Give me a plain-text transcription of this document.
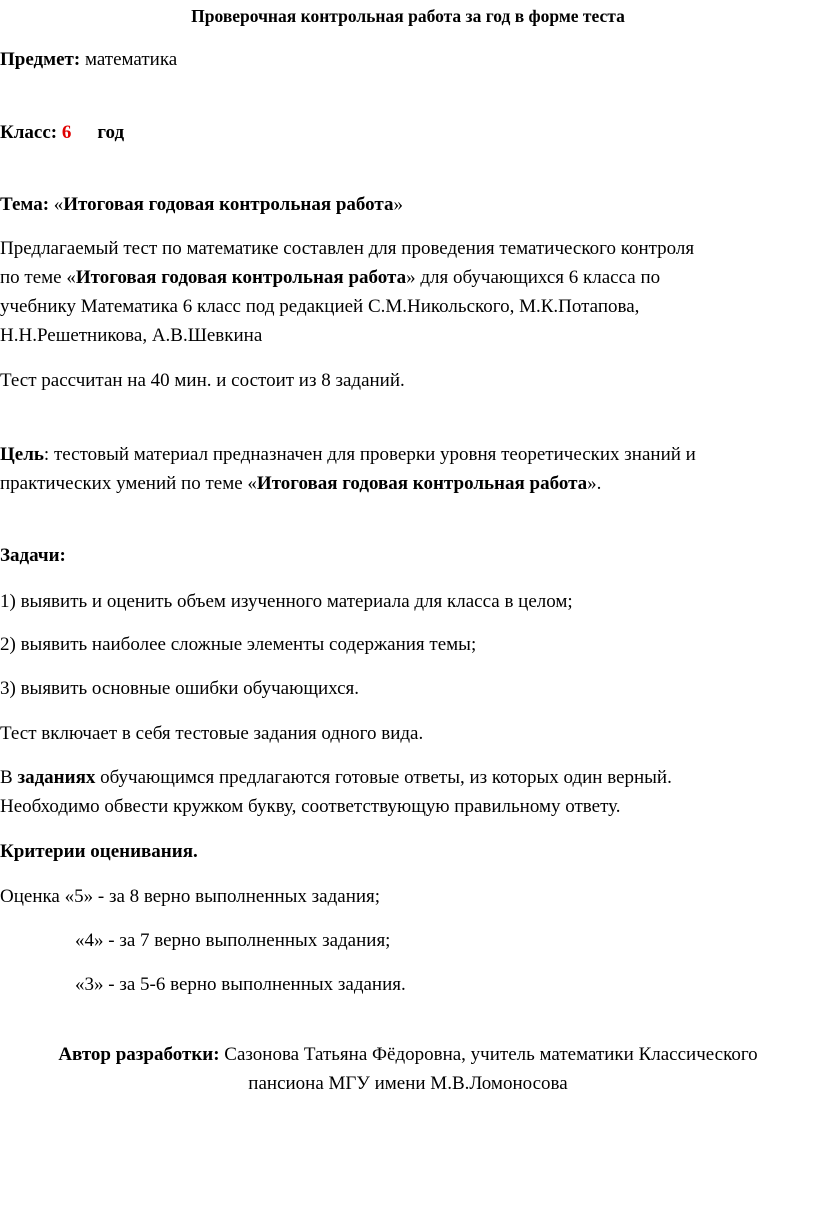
Проверочная контрольная работа за год в форме теста

Предмет: математика

Класс: 6 год

Тема: «Итоговая годовая контрольная работа»

Предлагаемый тест по математике составлен для проведения тематического контроля

по теме «Итоговая годовая контрольная работа» для обучающихся 6 класса по

учебнику Математика 6 класс под редакцией С.М.Никольского, М.К.Потапова,

Н.Н.Решетникова, А.В.Шевкина

Тест рассчитан на 40 мин. и состоит из 8 заданий.

Цель: тестовый материал предназначен для проверки уровня теоретических знаний и

практических умений по теме «Итоговая годовая контрольная работа».

Задачи:

1) выявить и оценить объем изученного материала для класса в целом;

2) выявить наиболее сложные элементы содержания темы;

3) выявить основные ошибки обучающихся.

Тест включает в себя тестовые задания одного вида.

В заданиях обучающимся предлагаются готовые ответы, из которых один верный.

Необходимо обвести кружком букву, соответствующую правильному ответу.

Критерии оценивания.

Оценка «5» - за 8 верно выполненных задания;

«4» - за 7 верно выполненных задания;

«3» - за 5-6 верно выполненных задания.

Автор разработки: Сазонова Татьяна Фёдоровна, учитель математики Классического

пансиона МГУ имени М.В.Ломоносова
